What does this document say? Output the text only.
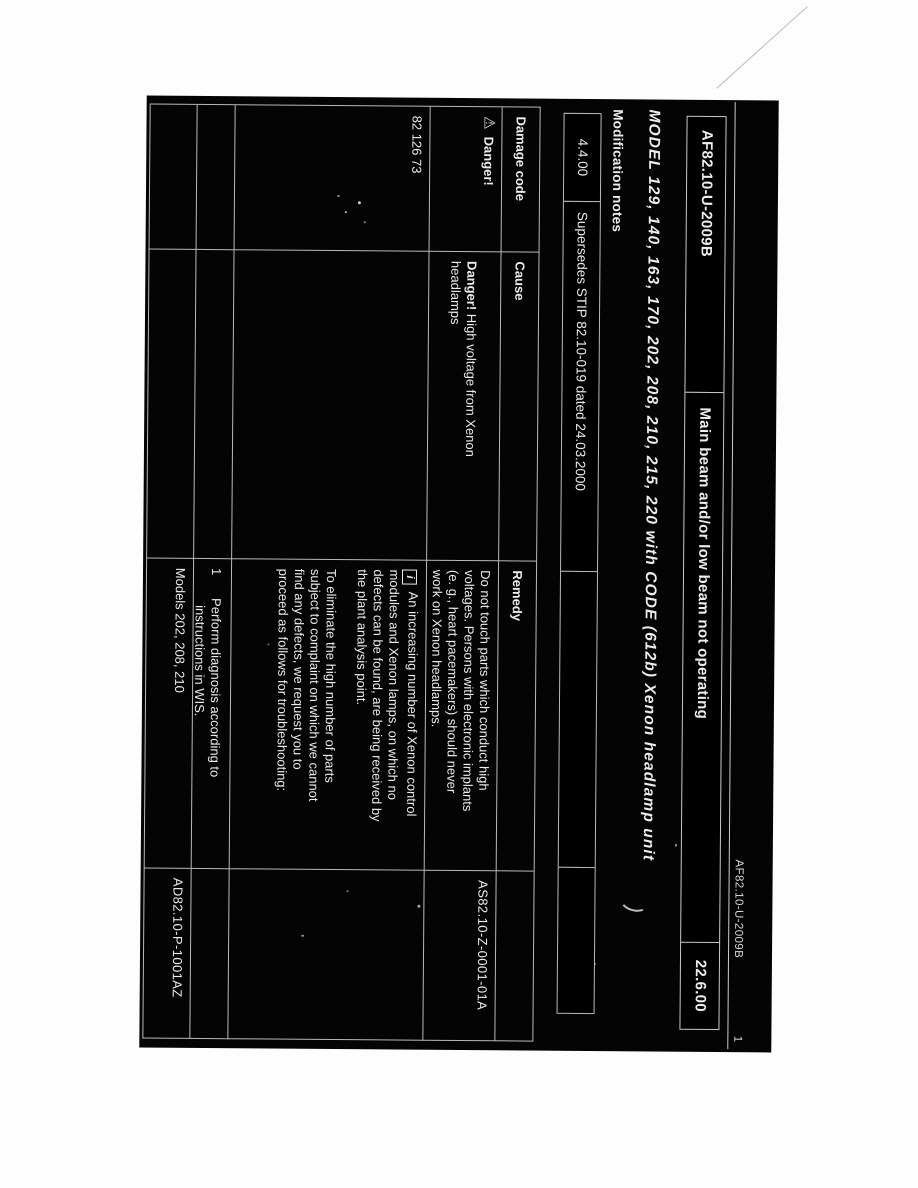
AF82.10-U-2009B
1
AF82.10-U-2009B
Main beam and/or low beam not operating
22.6.00
MODEL 129, 140, 163, 170, 202, 208, 210, 215, 220 with CODE (612b) Xenon headlamp unit
Modification notes
4.4.00
Supersedes STIP 82.10-019 dated 24.03.2000
Damage code
Cause
Remedy
⚠Danger!

Danger! High voltage from Xenon
headlamps

Do not touch parts which conduct high
voltages. Persons with electronic implants
(e. g., heart pacemakers) should never
work on Xenon headlamps.
AS82.10-Z-0001-01A
82 126 73
iAn increasing number of Xenon control
modules and Xenon lamps, on which no
defects can be found, are being received by
the plant analysis point.
To eliminate the high number of parts
subject to complaint on which we cannot
find any defects, we request you to
proceed as follows for troubleshooting:
1
Perform diagnosis according to
instructions in WIS.
Models 202, 208, 210
AD82.10-P-1001AZ
